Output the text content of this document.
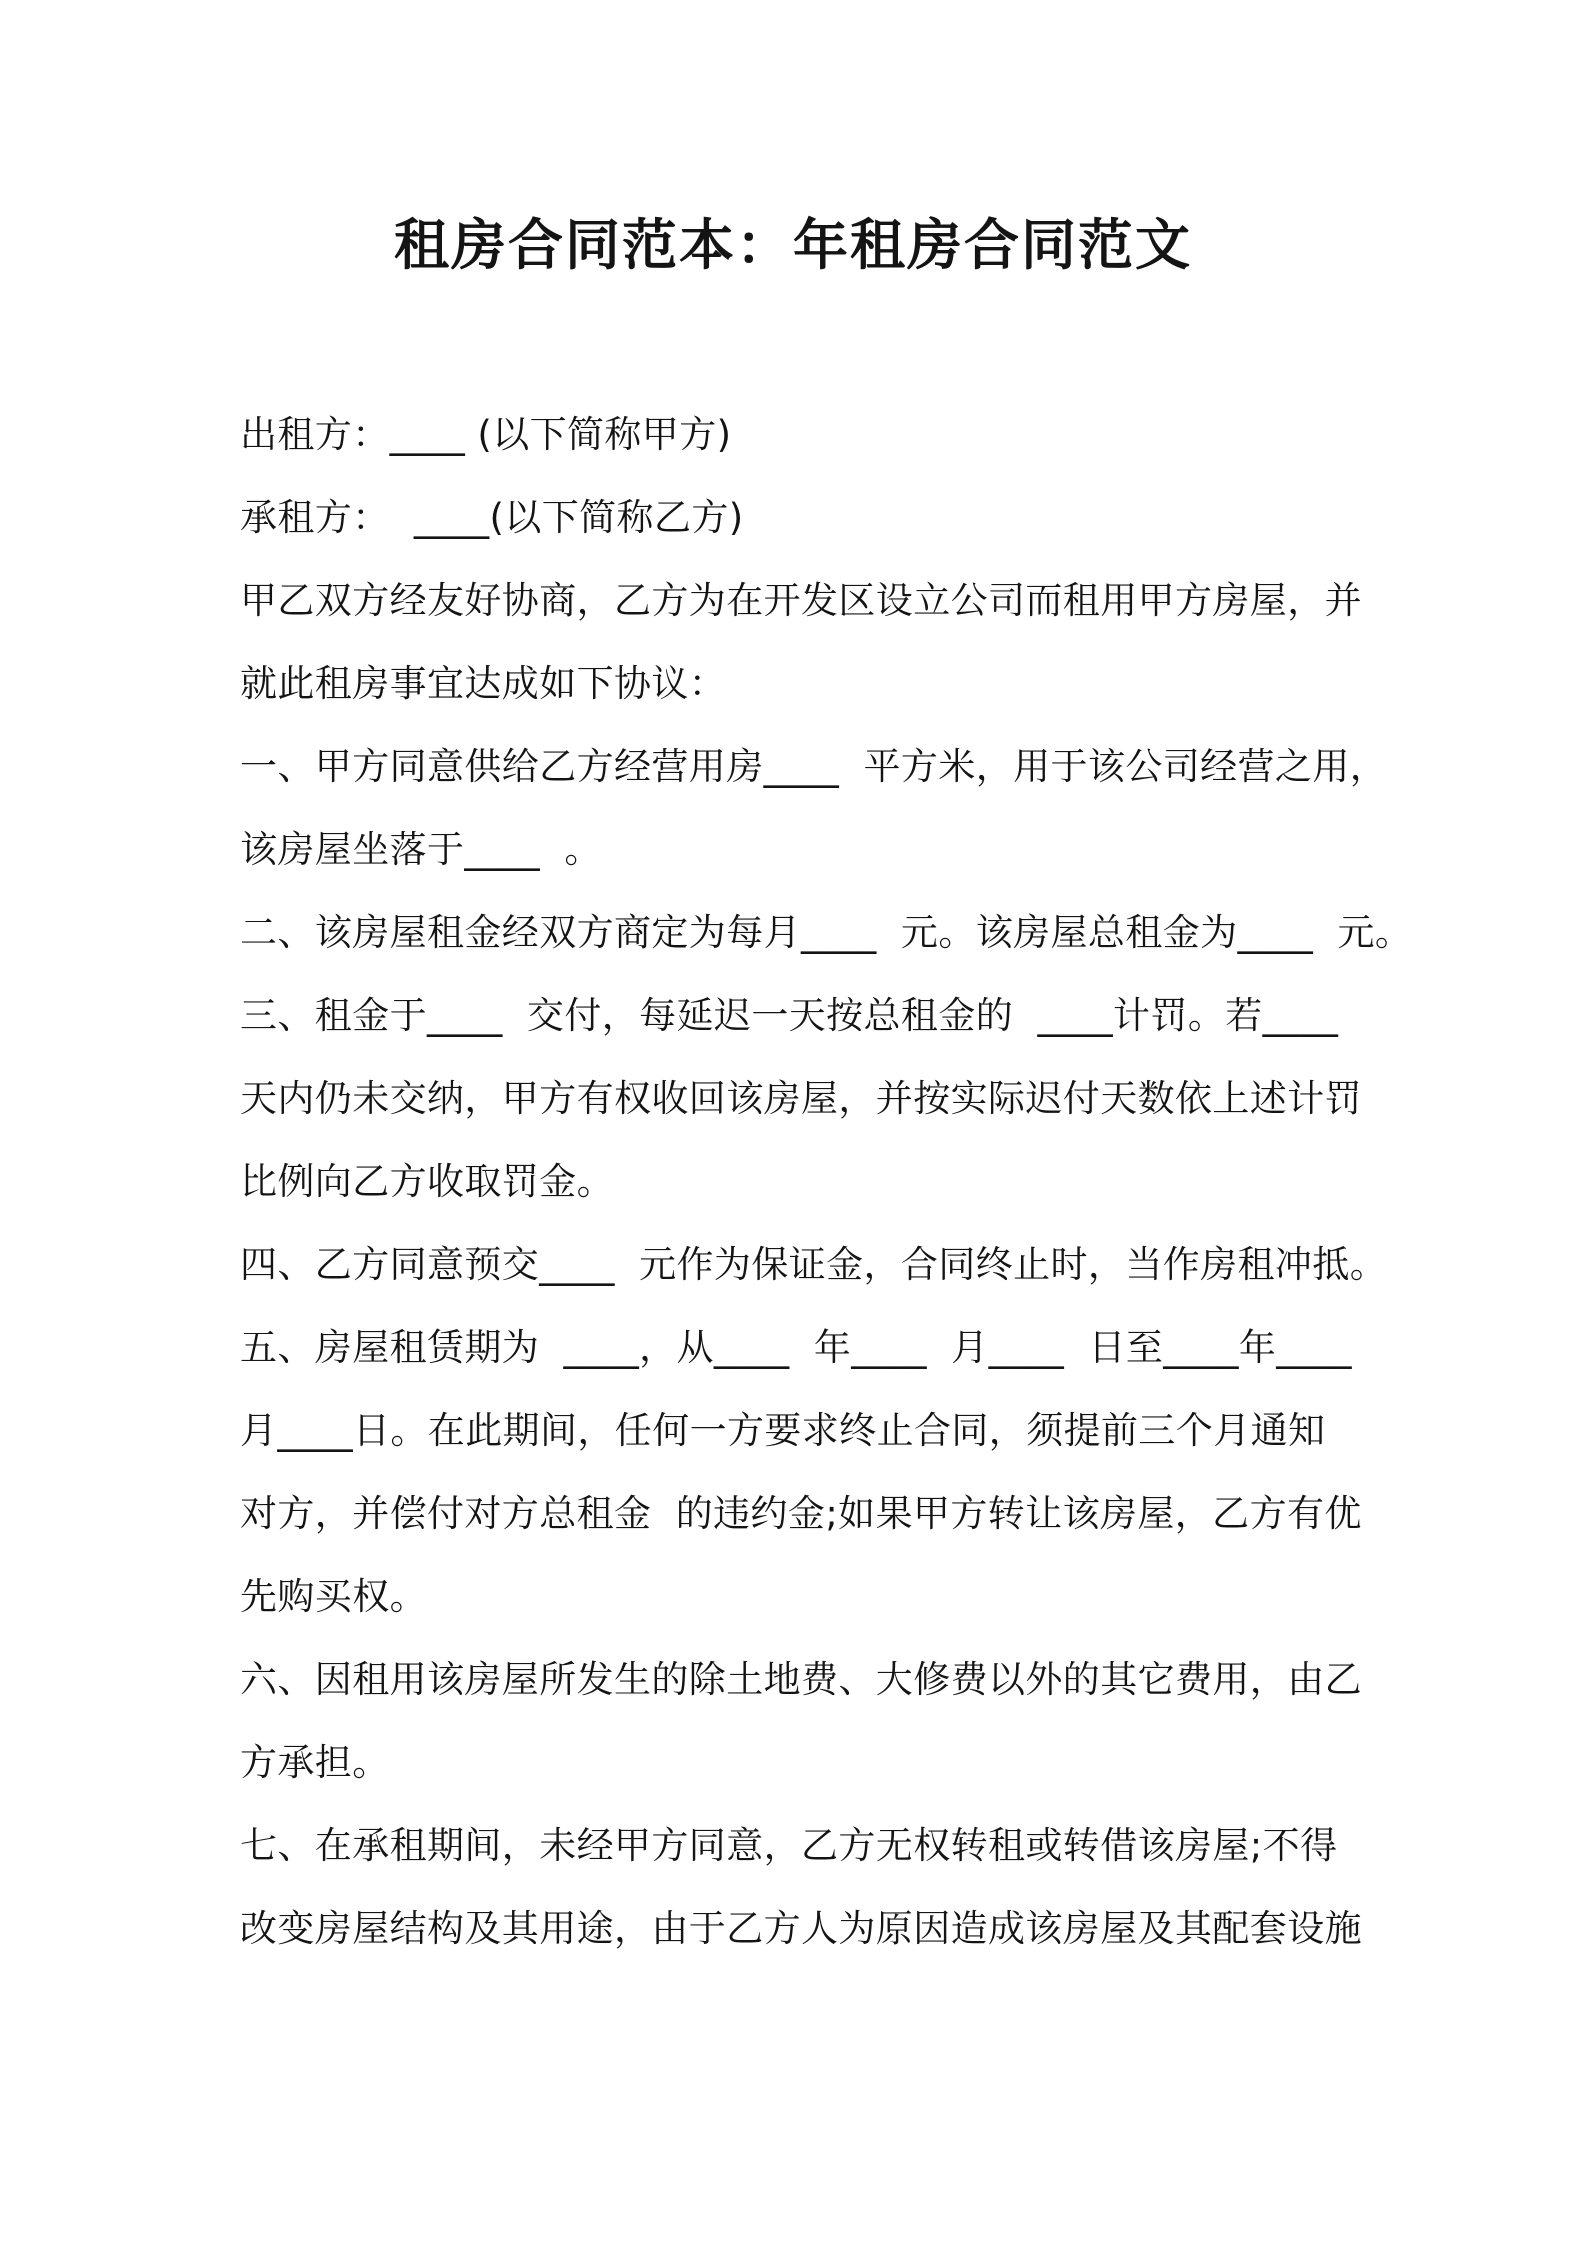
租房合同范本：年租房合同范文
出租方：____ (以下简称甲方)
承租方：  ____(以下简称乙方)
甲乙双方经友好协商，乙方为在开发区设立公司而租用甲方房屋，并
就此租房事宜达成如下协议：
一、甲方同意供给乙方经营用房____  平方米，用于该公司经营之用，
该房屋坐落于____  。
二、该房屋租金经双方商定为每月____  元。该房屋总租金为____  元。
三、租金于____  交付，每延迟一天按总租金的  ____计罚。若____
天内仍未交纳，甲方有权收回该房屋，并按实际迟付天数依上述计罚
比例向乙方收取罚金。
四、乙方同意预交____  元作为保证金，合同终止时，当作房租冲抵。
五、房屋租赁期为  ____，从____  年____  月____  日至____年____
月____日。在此期间，任何一方要求终止合同，须提前三个月通知
对方，并偿付对方总租金  的违约金;如果甲方转让该房屋，乙方有优
先购买权。
六、因租用该房屋所发生的除土地费、大修费以外的其它费用，由乙
方承担。
七、在承租期间，未经甲方同意，乙方无权转租或转借该房屋;不得
改变房屋结构及其用途，由于乙方人为原因造成该房屋及其配套设施
